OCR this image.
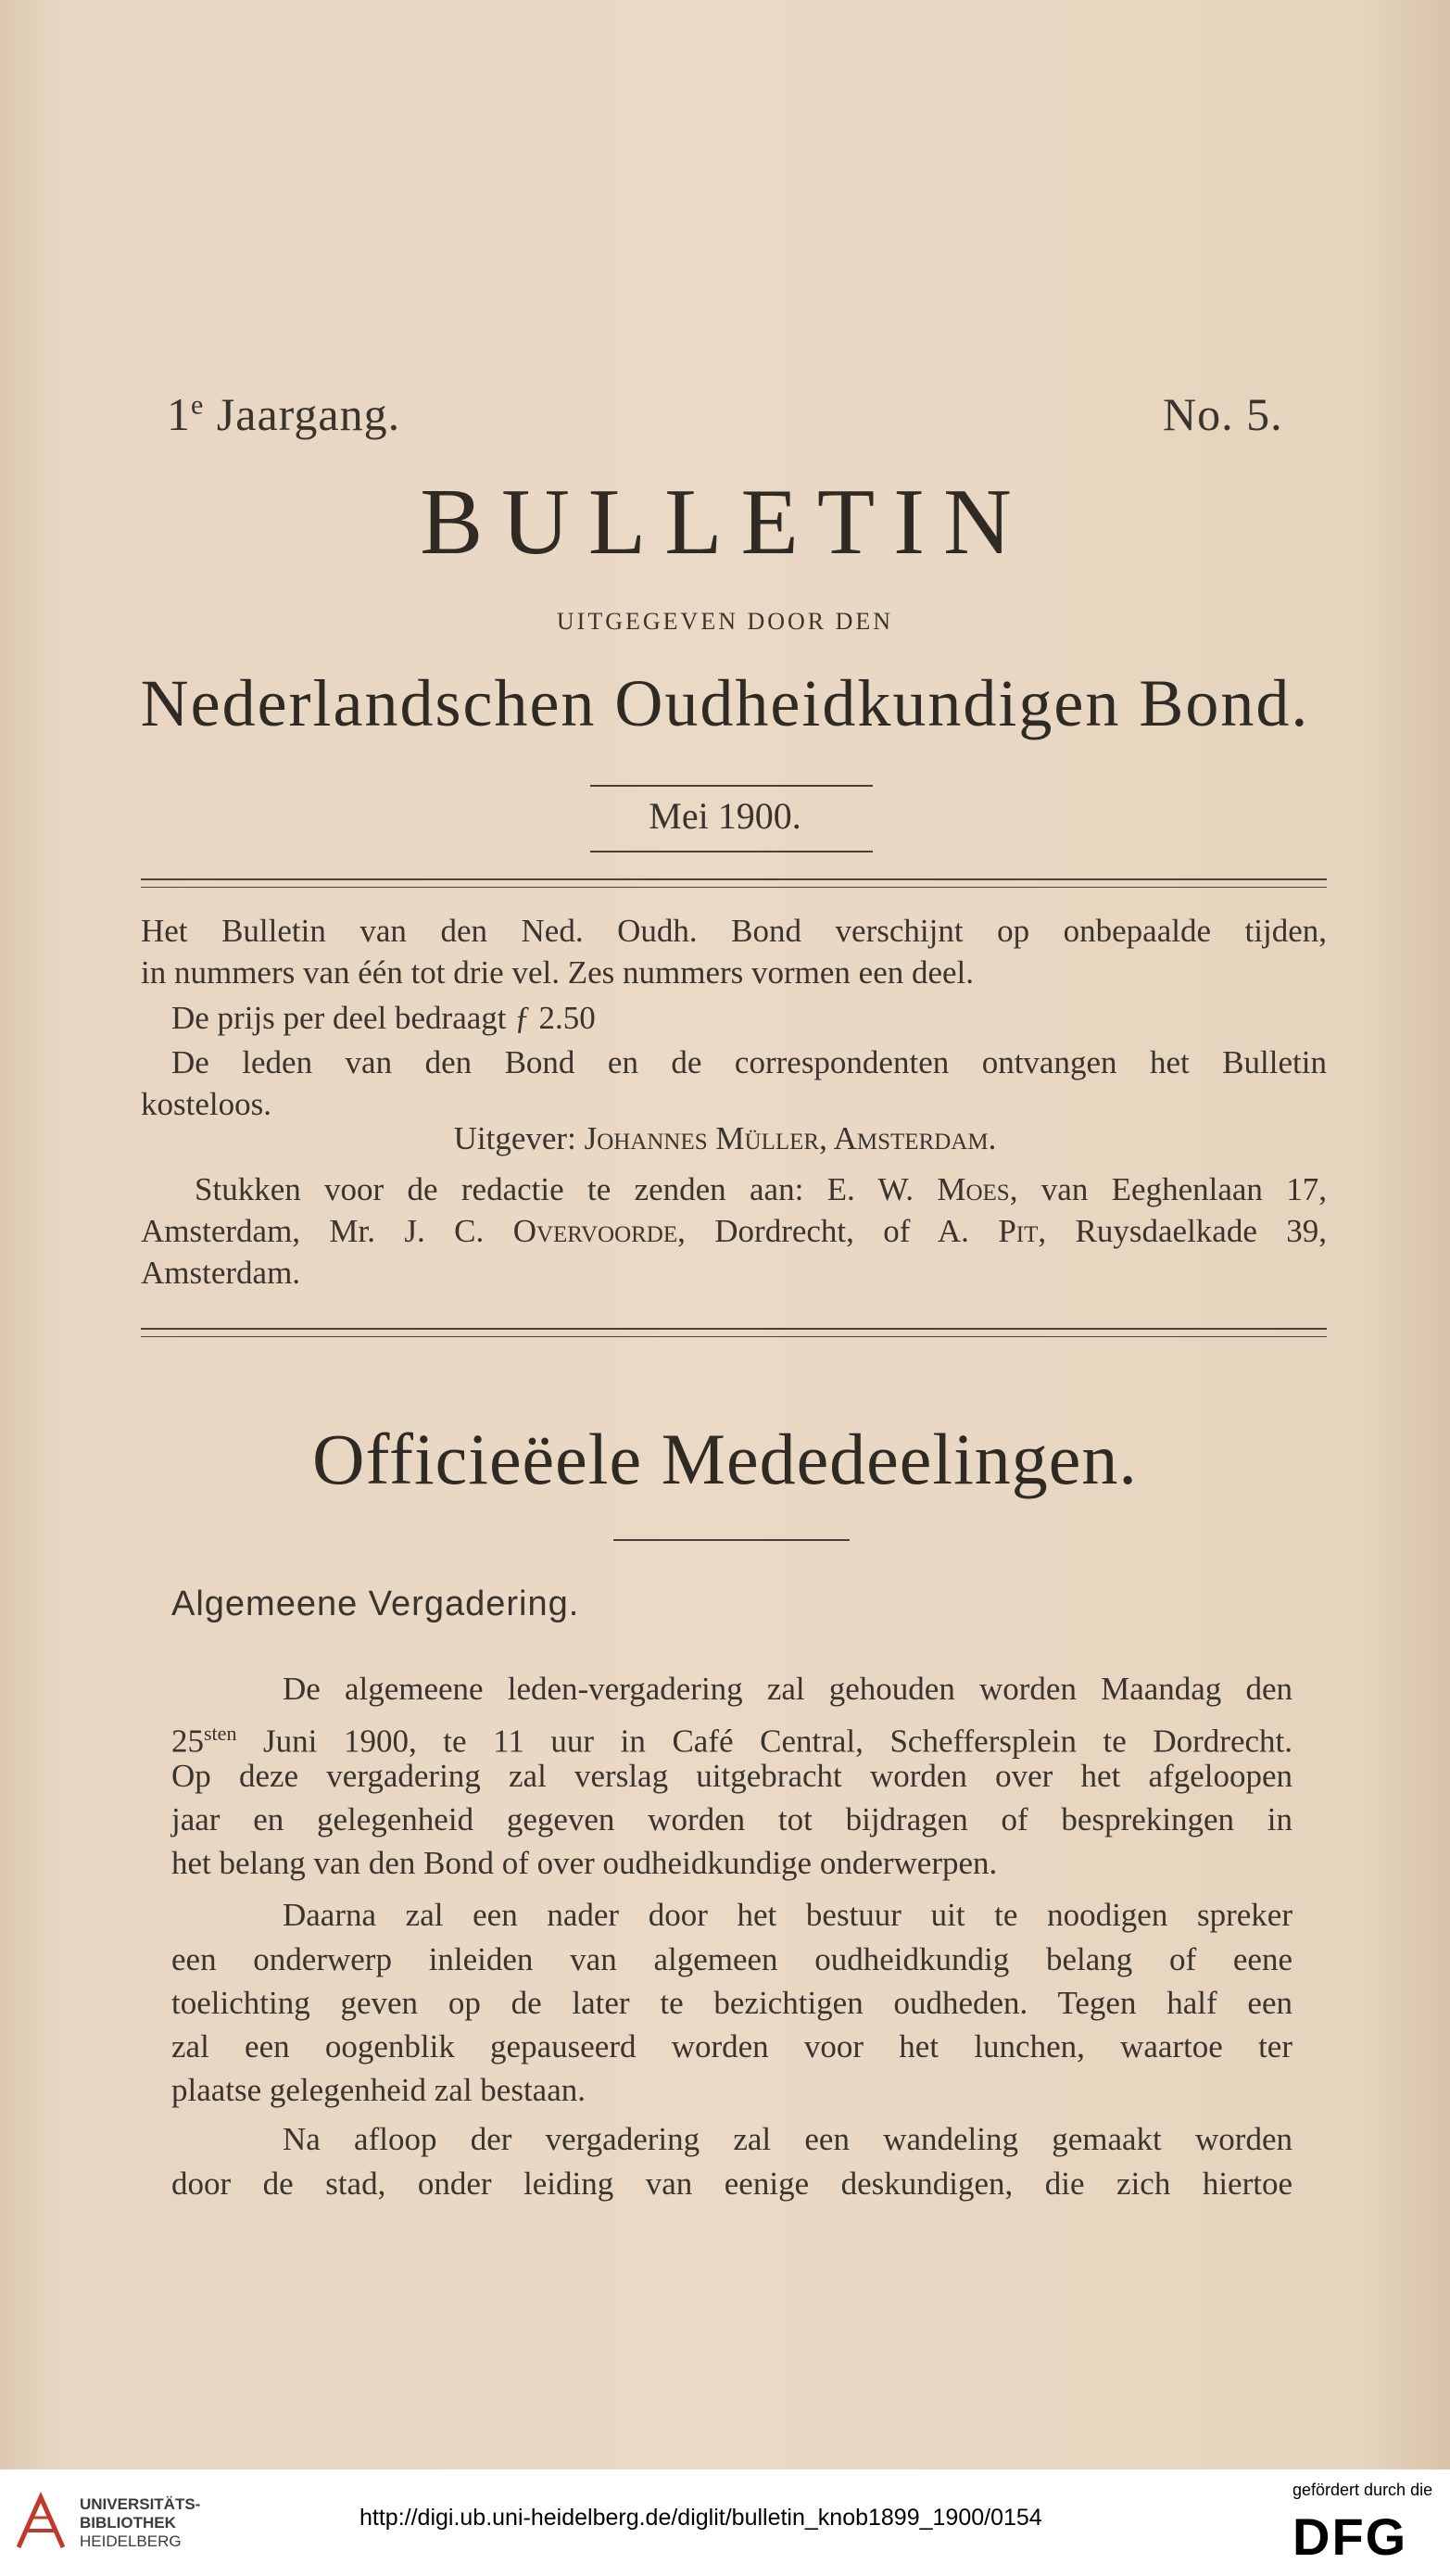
1e Jaargang.	No. 5.
BULLETIN
UITGEGEVEN DOOR DEN
Nederlandschen Oudheidkundigen Bond.
Mei 1900.
Het Bulletin van den Ned. Oudh. Bond verschijnt op onbepaalde tijden,
in nummers van één tot drie vel. Zes nummers vormen een deel.
De prijs per deel bedraagt ƒ 2.50
De leden van den Bond en de correspondenten ontvangen het Bulletin
kosteloos.
Uitgever: Johannes Müller, Amsterdam.
Stukken voor de redactie te zenden aan: E. W. Moes, van Eeghenlaan 17,
Amsterdam, Mr. J. C. Overvoorde, Dordrecht, of A. Pit, Ruysdaelkade 39,
Amsterdam.
Officieëele Mededeelingen.
Algemeene Vergadering.
De algemeene leden-vergadering zal gehouden worden Maandag den
$25^{sten}$ Juni 1900, te 11 uur in Café Central, Scheffersplein te Dordrecht.
Op deze vergadering zal verslag uitgebracht worden over het afgeloopen
jaar en gelegenheid gegeven worden tot bijdragen of besprekingen in
het belang van den Bond of over oudheidkundige onderwerpen.
Daarna zal een nader door het bestuur uit te noodigen spreker
een onderwerp inleiden van algemeen oudheidkundig belang of eene
toelichting geven op de later te bezichtigen oudheden. Tegen half een
zal een oogenblik gepauseerd worden voor het lunchen, waartoe ter
plaatse gelegenheid zal bestaan.
Na afloop der vergadering zal een wandeling gemaakt worden
door de stad, onder leiding van eenige deskundigen, die zich hiertoe
UNIVERSITÄTS-
BIBLIOTHEK
HEIDELBERG
http://digi.ub.uni-heidelberg.de/diglit/bulletin_knob1899_1900/0154
gefördert durch die
DFG
